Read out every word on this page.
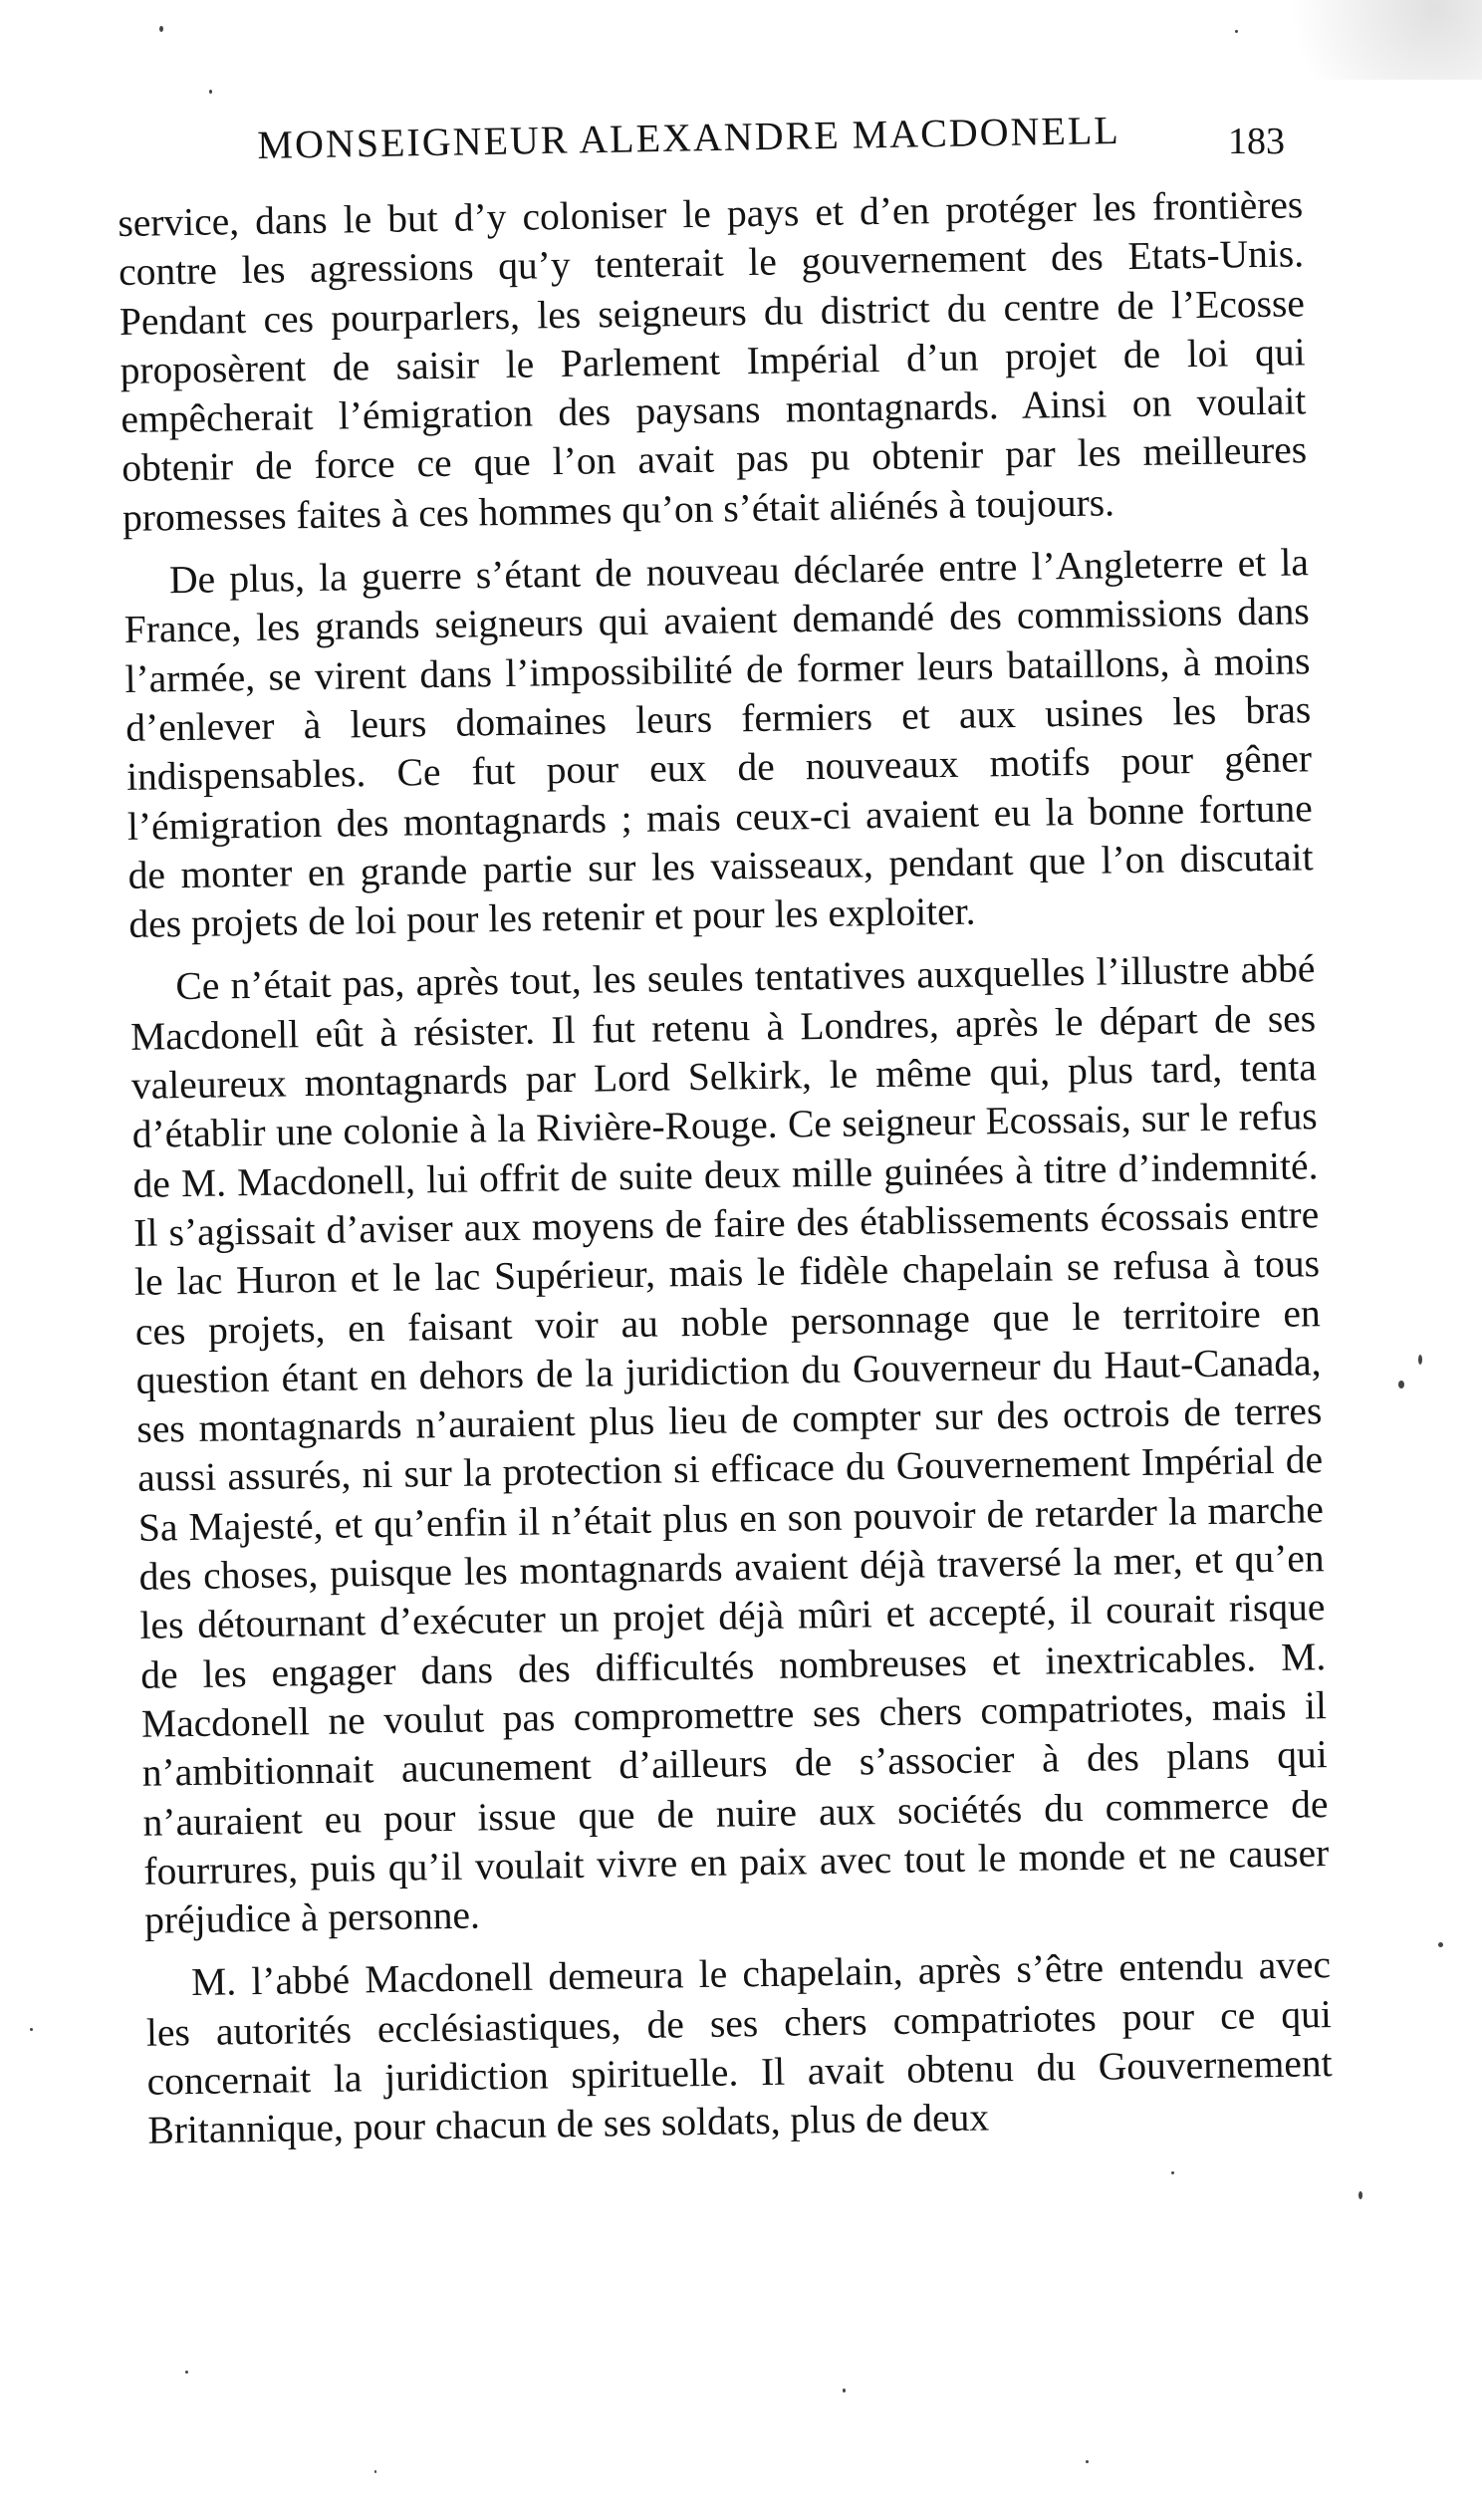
MONSEIGNEUR ALEXANDRE MACDONELL	183

service, dans le but d’y coloniser le pays et d’en protéger les frontières contre les agressions qu’y tenterait le gouvernement des Etats-Unis. Pendant ces pourparlers, les seigneurs du district du centre de l’Ecosse proposèrent de saisir le Parlement Impérial d’un projet de loi qui empêcherait l’émigration des paysans montagnards. Ainsi on voulait obtenir de force ce que l’on avait pas pu obtenir par les meilleures promesses faites à ces hommes qu’on s’était aliénés à toujours.

De plus, la guerre s’étant de nouveau déclarée entre l’Angleterre et la France, les grands seigneurs qui avaient demandé des commissions dans l’armée, se virent dans l’impossibilité de former leurs bataillons, à moins d’enlever à leurs domaines leurs fermiers et aux usines les bras indispensables. Ce fut pour eux de nouveaux motifs pour gêner l’émigration des montagnards ; mais ceux-ci avaient eu la bonne fortune de monter en grande partie sur les vaisseaux, pendant que l’on discutait des projets de loi pour les retenir et pour les exploiter.

Ce n’était pas, après tout, les seules tentatives auxquelles l’illustre abbé Macdonell eût à résister. Il fut retenu à Londres, après le départ de ses valeureux montagnards par Lord Selkirk, le même qui, plus tard, tenta d’établir une colonie à la Rivière-Rouge. Ce seigneur Ecossais, sur le refus de M. Macdonell, lui offrit de suite deux mille guinées à titre d’indemnité. Il s’agissait d’aviser aux moyens de faire des établissements écossais entre le lac Huron et le lac Supérieur, mais le fidèle chapelain se refusa à tous ces projets, en faisant voir au noble personnage que le territoire en question étant en dehors de la juridiction du Gouverneur du Haut-Canada, ses montagnards n’auraient plus lieu de compter sur des octrois de terres aussi assurés, ni sur la protection si efficace du Gouvernement Impérial de Sa Majesté, et qu’enfin il n’était plus en son pouvoir de retarder la marche des choses, puisque les montagnards avaient déjà traversé la mer, et qu’en les détournant d’exécuter un projet déjà mûri et accepté, il courait risque de les engager dans des difficultés nombreuses et inextricables. M. Macdonell ne voulut pas compromettre ses chers compatriotes, mais il n’ambitionnait aucunement d’ailleurs de s’associer à des plans qui n’auraient eu pour issue que de nuire aux sociétés du commerce de fourrures, puis qu’il voulait vivre en paix avec tout le monde et ne causer préjudice à personne.

M. l’abbé Macdonell demeura le chapelain, après s’être entendu avec les autorités ecclésiastiques, de ses chers compatriotes pour ce qui concernait la juridiction spirituelle. Il avait obtenu du Gouvernement Britannique, pour chacun de ses soldats, plus de deux
